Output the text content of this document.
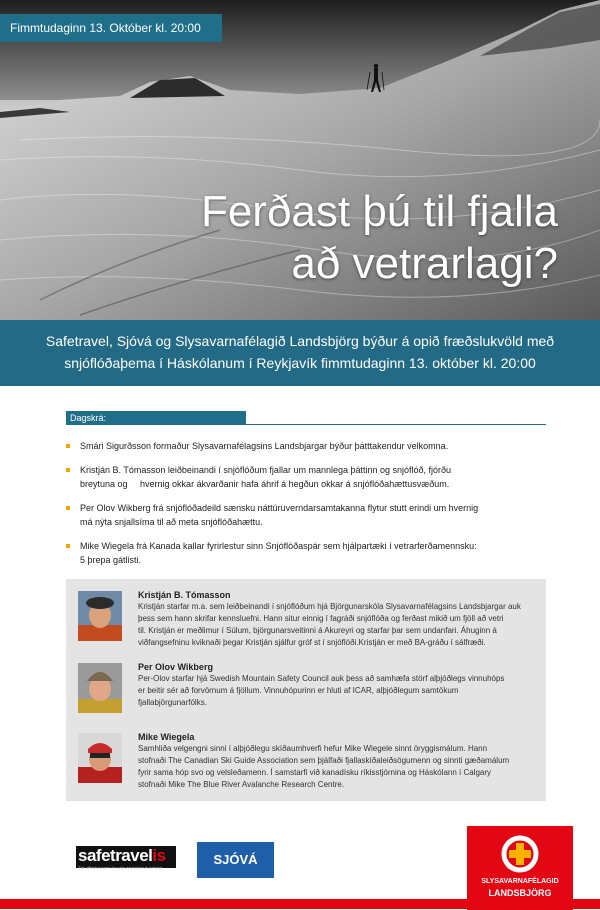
Fimmtudaginn 13. Október kl. 20:00
Ferðast þú til fjalla
að vetrarlagi?

Safetravel, Sjóvá og Slysavarnafélagið Landsbjörg býður á opið fræðslukvöld með

snjóflóðaþema í Háskólanum í Reykjavík fimmtudaginn 13. október kl. 20:00

Dagskrá:
Smári Sigurðsson formaður Slysavarnafélagsins Landsbjargar býður þátttakendur velkomna.
Kristján B. Tómasson leiðbeinandi í snjóflóðum fjallar um mannlega þáttinn og snjóflóð, fjórðu
breytuna og     hvernig okkar ákvarðanir hafa áhrif á hegðun okkar á snjóflóðahættusvæðum.
Per Olov Wikberg frá snjóflóðadeild sænsku náttúruverndarsamtakanna flytur stutt erindi um hvernig
má nýta snjallsíma til að meta snjóflóðahættu.
Mike Wiegela frá Kanada kallar fyrirlestur sinn Snjóflóðaspár sem hjálpartæki í vetrarferðamennsku:
5 þrepa gátlisti.
Kristján B. Tómasson
Kristján starfar m.a. sem leiðbeinandi í snjóflóðum hjá Björgunarskóla Slysavarnafélagsins Landsbjargar auk
þess sem hann skrifar kennsluefni. Hann situr einnig í fagráði snjóflóða og ferðast mikið um fjöll að vetri
til. Kristján er meðlimur í Súlum, björgunarsveitinni á Akureyri og starfar þar sem undanfari. Áhuginn á
viðfangsefninu kviknaði þegar Kristján sjálfur gróf st í snjóflóði.Kristján er með BA-gráðu í sálfræði.
Per Olov Wikberg
Per-Olov starfar hjá Swedish Mountain Safety Council auk þess að samhæfa störf alþjóðlegs vinnuhóps
er beitir sér að forvörnum á fjöllum. Vinnuhópurinn er hluti af ICAR, alþjóðlegum samtökum
fjallabjörgunarfólks.
Mike Wiegela
Samhliða velgengni sinni í alþjóðlegu skíðaumhverfi hefur Mike Wiegele sinnt öryggismálum. Hann
stofnaði The Canadian Ski Guide Association sem þjálfaði fjallaskíðaleiðsögumenn og sinnti gæðamálum
fyrir sama hóp svo og velsleðamenn. Í samstarfi við kanadísku ríkisstjórnina og Háskólann í Calgary
stofnaði Mike The Blue River Avalanche Research Centre.
safetravelis
The official source for safe adventure in Iceland
SJÓVÁ
SLYSAVARNAFÉLAGID
LANDSBJÖRG
